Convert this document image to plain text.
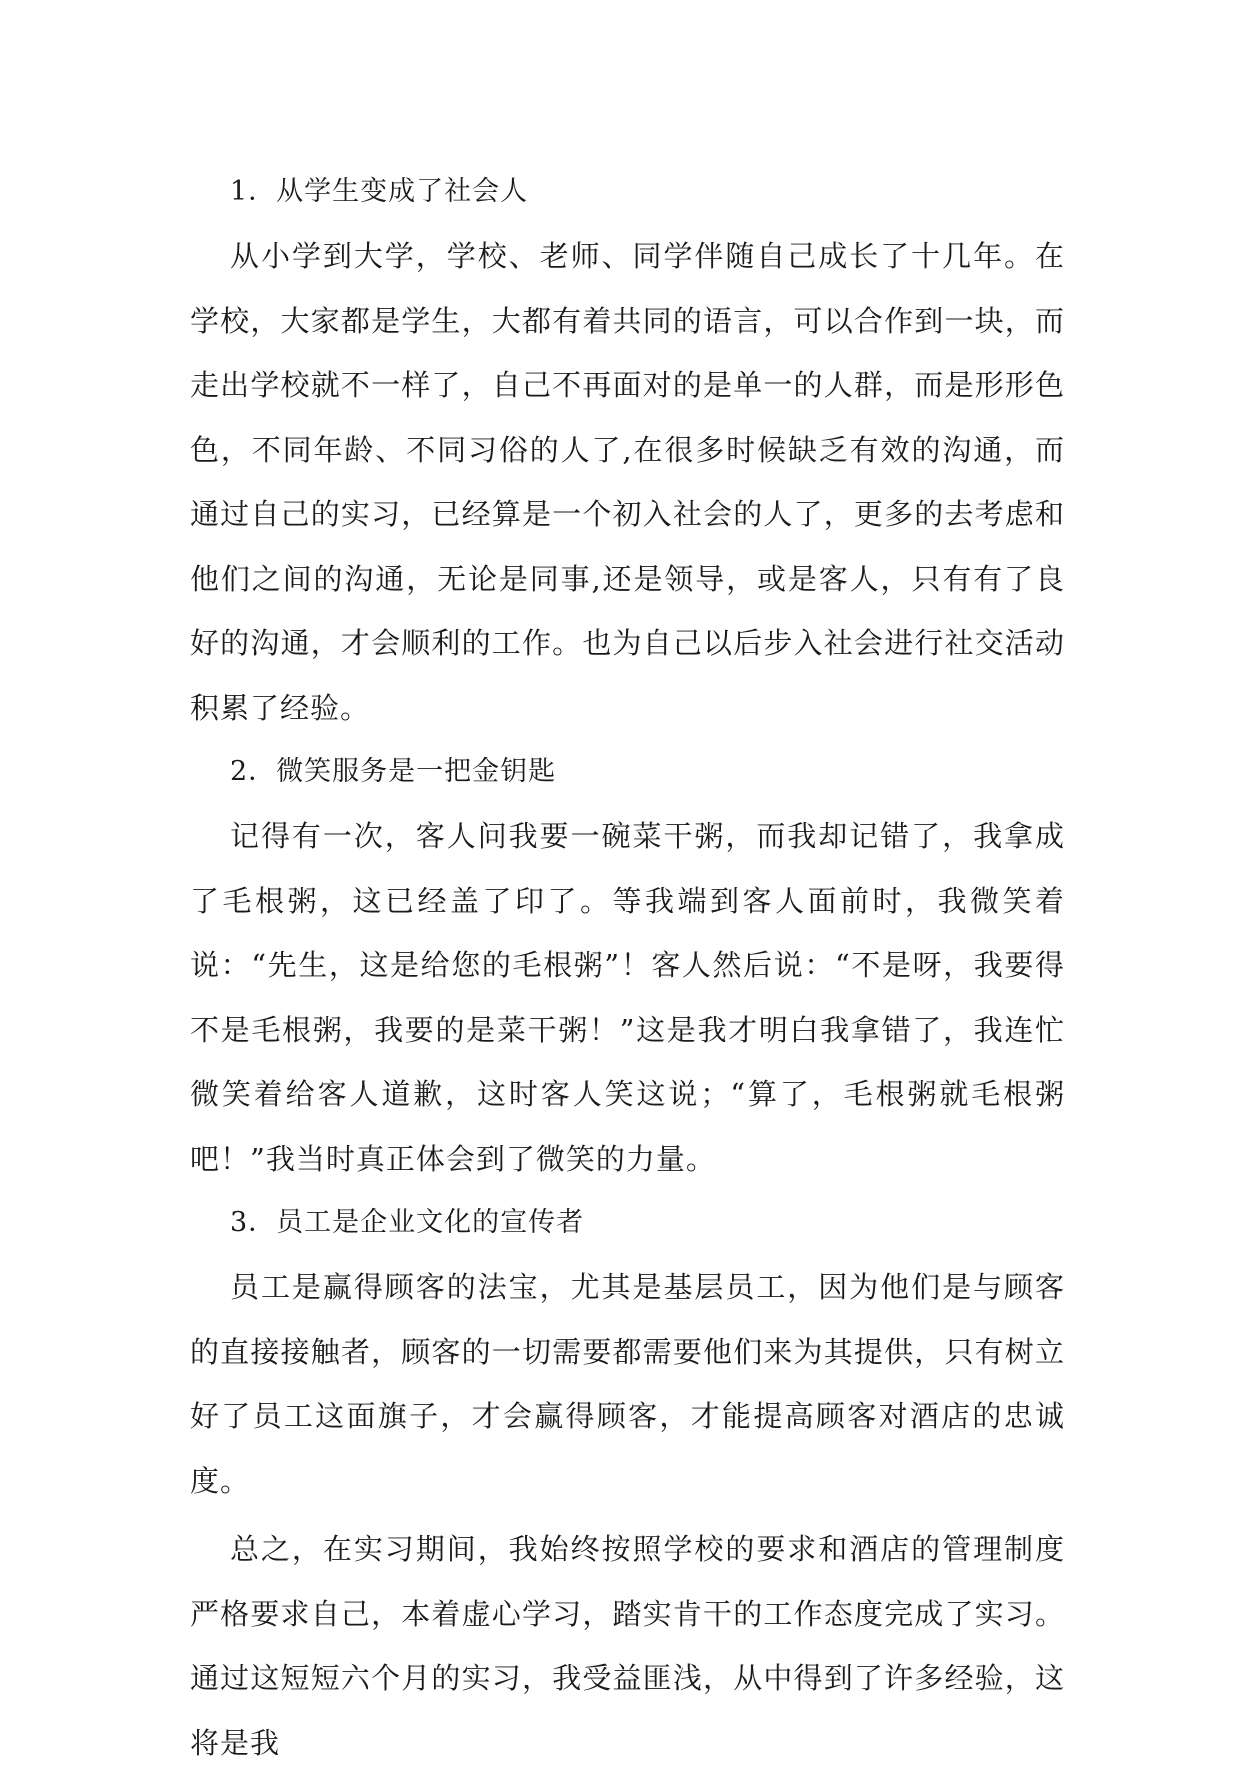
1．从学生变成了社会人

从小学到大学，学校、老师、同学伴随自己成长了十几年。在学校，大家都是学生，大都有着共同的语言，可以合作到一块，而走出学校就不一样了，自己不再面对的是单一的人群，而是形形色色，不同年龄、不同习俗的人了,在很多时候缺乏有效的沟通，而通过自己的实习，已经算是一个初入社会的人了，更多的去考虑和他们之间的沟通，无论是同事,还是领导，或是客人，只有有了良好的沟通，才会顺利的工作。也为自己以后步入社会进行社交活动积累了经验。

2．微笑服务是一把金钥匙

记得有一次，客人问我要一碗菜干粥，而我却记错了，我拿成了毛根粥，这已经盖了印了。等我端到客人面前时，我微笑着说：“先生，这是给您的毛根粥”！客人然后说：“不是呀，我要得不是毛根粥，我要的是菜干粥！”这是我才明白我拿错了，我连忙微笑着给客人道歉，这时客人笑这说；“算了，毛根粥就毛根粥吧！”我当时真正体会到了微笑的力量。

3．员工是企业文化的宣传者

员工是赢得顾客的法宝，尤其是基层员工，因为他们是与顾客的直接接触者，顾客的一切需要都需要他们来为其提供，只有树立好了员工这面旗子，才会赢得顾客，才能提高顾客对酒店的忠诚度。

总之，在实习期间，我始终按照学校的要求和酒店的管理制度严格要求自己，本着虚心学习，踏实肯干的工作态度完成了实习。通过这短短六个月的实习，我受益匪浅，从中得到了许多经验，这将是我
